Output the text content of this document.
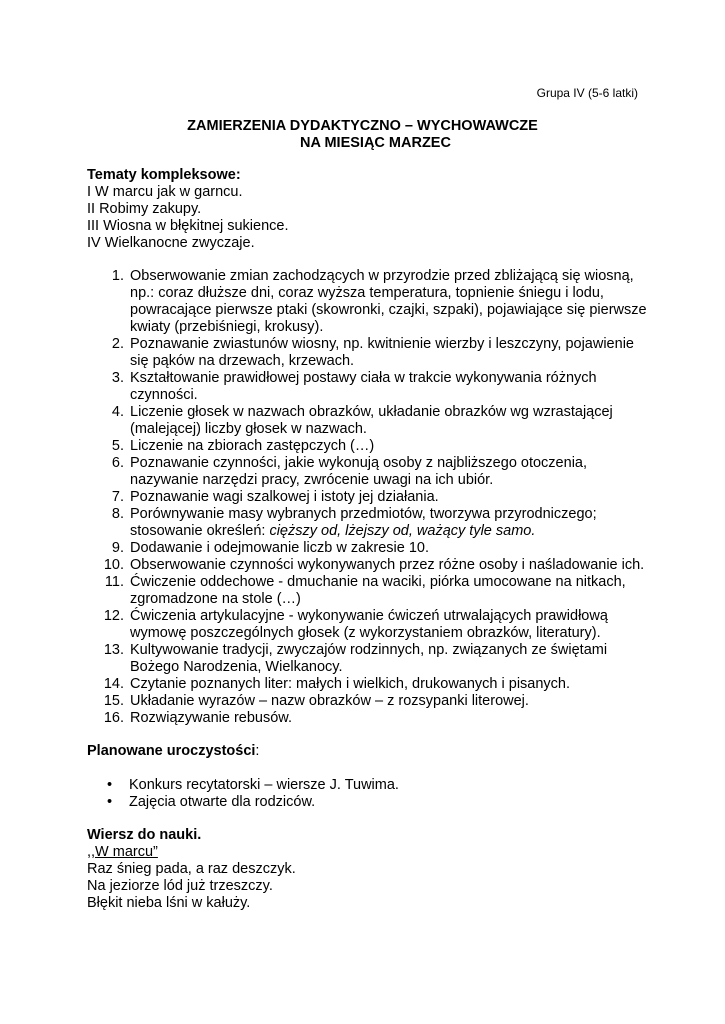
Grupa IV (5-6 latki)
ZAMIERZENIA DYDAKTYCZNO – WYCHOWAWCZE
NA MIESIĄC MARZEC
Tematy kompleksowe:
I W marcu jak w garncu.
II Robimy zakupy.
III Wiosna w błękitnej sukience.
IV Wielkanocne zwyczaje.
1. Obserwowanie zmian zachodzących w przyrodzie przed zbliżającą się wiosną, np.: coraz dłuższe dni, coraz wyższa temperatura, topnienie śniegu i lodu, powracające pierwsze ptaki (skowronki, czajki, szpaki), pojawiające się pierwsze kwiaty (przebiśniegi, krokusy).
2. Poznawanie zwiastunów wiosny, np. kwitnienie wierzby i leszczyny, pojawienie się pąków na drzewach, krzewach.
3. Kształtowanie prawidłowej postawy ciała w trakcie wykonywania różnych czynności.
4. Liczenie głosek w nazwach obrazków, układanie obrazków wg wzrastającej (malejącej) liczby głosek w nazwach.
5. Liczenie na zbiorach zastępczych (…)
6. Poznawanie czynności, jakie wykonują osoby z najbliższego otoczenia, nazywanie narzędzi pracy, zwrócenie uwagi na ich ubiór.
7. Poznawanie wagi szalkowej i istoty jej działania.
8. Porównywanie masy wybranych przedmiotów, tworzywa przyrodniczego; stosowanie określeń: cięższy od, lżejszy od, ważący tyle samo.
9. Dodawanie i odejmowanie liczb w zakresie 10.
10. Obserwowanie czynności wykonywanych przez różne osoby i naśladowanie ich.
11. Ćwiczenie oddechowe - dmuchanie na waciki, piórka umocowane na nitkach, zgromadzone na stole (…)
12. Ćwiczenia artykulacyjne - wykonywanie ćwiczeń utrwalających prawidłową wymowę poszczególnych głosek (z wykorzystaniem obrazków, literatury).
13. Kultywowanie tradycji, zwyczajów rodzinnych, np. związanych ze świętami Bożego Narodzenia, Wielkanocy.
14. Czytanie poznanych liter: małych i wielkich, drukowanych i pisanych.
15. Układanie wyrazów – nazw obrazków – z rozsypanki literowej.
16. Rozwiązywanie rebusów.
Planowane uroczystości:
• Konkurs recytatorski – wiersze J. Tuwima.
• Zajęcia otwarte dla rodziców.
Wiersz do nauki.
,,W marcu”
Raz śnieg pada, a raz deszczyk.
Na jeziorze lód już trzeszczy.
Błękit nieba lśni w kałuży.
